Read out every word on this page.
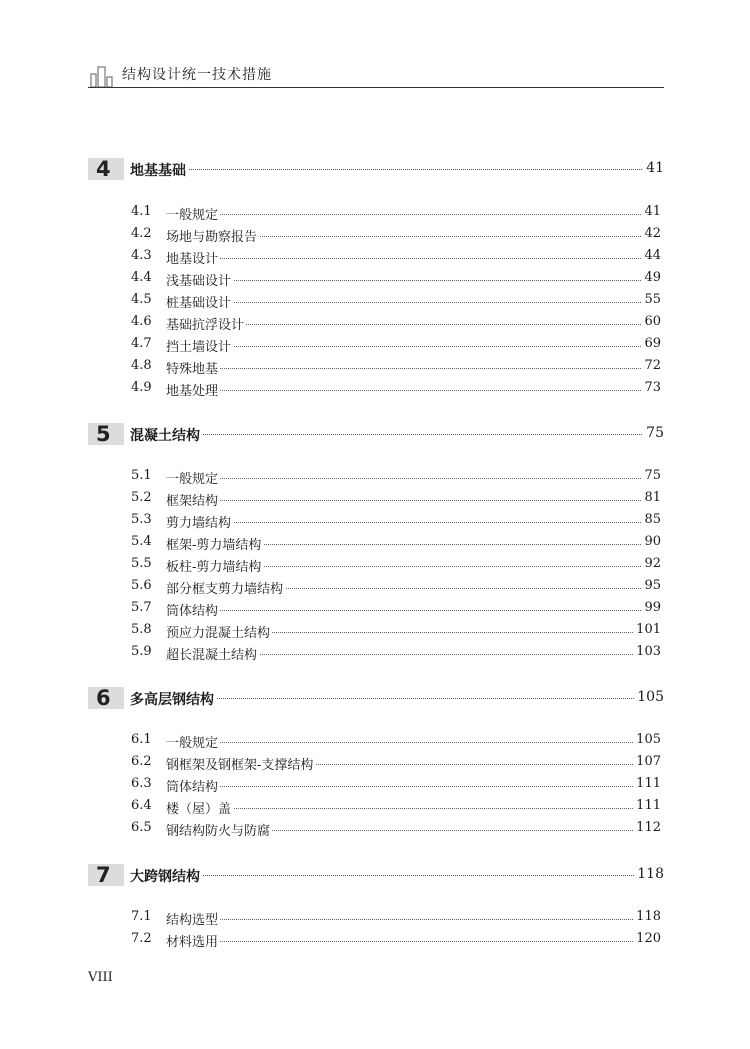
结构设计统一技术措施
4	地基基础	41
4.1 一般规定	41
4.2 场地与勘察报告	42
4.3 地基设计	44
4.4 浅基础设计	49
4.5 桩基础设计	55
4.6 基础抗浮设计	60
4.7 挡土墙设计	69
4.8 特殊地基	72
4.9 地基处理	73
5	混凝土结构	75
5.1 一般规定	75
5.2 框架结构	81
5.3 剪力墙结构	85
5.4 框架-剪力墙结构	90
5.5 板柱-剪力墙结构	92
5.6 部分框支剪力墙结构	95
5.7 筒体结构	99
5.8 预应力混凝土结构	101
5.9 超长混凝土结构	103
6	多高层钢结构	105
6.1 一般规定	105
6.2 钢框架及钢框架-支撑结构	107
6.3 筒体结构	111
6.4 楼（屋）盖	111
6.5 钢结构防火与防腐	112
7	大跨钢结构	118
7.1 结构选型	118
7.2 材料选用	120
VIII
